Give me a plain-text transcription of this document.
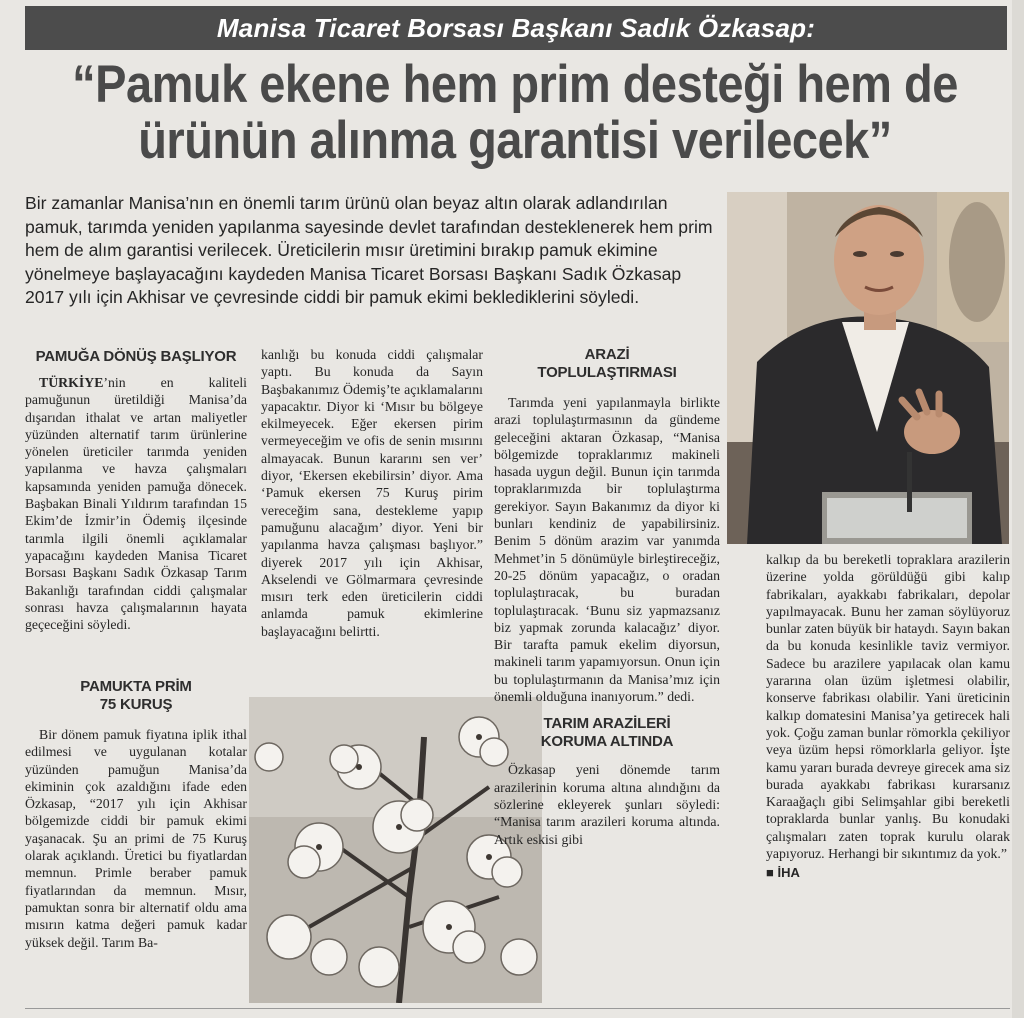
Manisa Ticaret Borsası Başkanı Sadık Özkasap:
“Pamuk ekene hem prim desteği hem de ürünün alınma garantisi verilecek”

Bir zamanlar Manisa’nın en önemli tarım ürünü olan beyaz altın olarak adlandırılan pamuk, tarımda yeniden yapılanma sayesinde devlet tarafından desteklenerek hem prim hem de alım garantisi verilecek. Üreticilerin mısır üretimini bırakıp pamuk ekimine yönelmeye başlayacağını kaydeden Manisa Ticaret Borsası Başkanı Sadık Özkasap 2017 yılı için Akhisar ve çevresinde ciddi bir pamuk ekimi beklediklerini söyledi.

PAMUĞA DÖNÜŞ BAŞLIYOR

TÜRKİYE’nin en kaliteli pamuğunun üretildiği Manisa’da dışarıdan ithalat ve artan maliyetler yüzünden alternatif tarım ürünlerine yönelen üreticiler tarımda yeniden yapılanma ve havza çalışmaları kapsamında yeniden pamuğa dönecek. Başbakan Binali Yıldırım tarafından 15 Ekim’de İzmir’in Ödemiş ilçesinde tarımla ilgili önemli açıklamalar yapacağını kaydeden Manisa Ticaret Borsası Başkanı Sadık Özkasap Tarım Bakanlığı tarafından ciddi çalışmalar sonrası havza çalışmalarının hayata geçeceğini söyledi.

PAMUKTA PRİM
75 KURUŞ

Bir dönem pamuk fiyatına iplik ithal edilmesi ve uygulanan kotalar yüzünden pamuğun Manisa’da ekiminin çok azaldığını ifade eden Özkasap, “2017 yılı için Akhisar bölgemizde ciddi bir pamuk ekimi yaşanacak. Şu an primi de 75 Kuruş olarak açıklandı. Üretici bu fiyatlardan memnun. Primle beraber pamuk fiyatlarından da memnun. Mısır, pamuktan sonra bir alternatif oldu ama mısırın katma değeri pamuk kadar yüksek değil. Tarım Ba-

kanlığı bu konuda ciddi çalışmalar yaptı. Bu konuda da Sayın Başbakanımız Ödemiş’te açıklamalarını yapacaktır. Diyor ki ‘Mısır bu bölgeye ekilmeyecek. Eğer ekersen pirim vermeyeceğim ve ofis de senin mısırını almayacak. Bunun kararını sen ver’ diyor, ‘Ekersen ekebilirsin’ diyor. Ama ‘Pamuk ekersen 75 Kuruş pirim vereceğim sana, destekleme yapıp pamuğunu alacağım’ diyor. Yeni bir yapılanma havza çalışması başlıyor.” diyerek 2017 yılı için Akhisar, Akselendi ve Gölmarmara çevresinde mısırı terk eden üreticilerin ciddi anlamda pamuk ekimlerine başlayacağını belirtti.

ARAZİ
TOPLULAŞTIRMASI

Tarımda yeni yapılanmayla birlikte arazi toplulaştırmasının da gündeme geleceğini aktaran Özkasap, “Manisa bölgemizde topraklarımız makineli hasada uygun değil. Bunun için tarımda topraklarımızda bir toplulaştırma gerekiyor. Sayın Bakanımız da diyor ki bunları kendiniz de yapabilirsiniz. Benim 5 dönüm arazim var yanımda Mehmet’in 5 dönümüyle birleştireceğiz, 20-25 dönüm yapacağız, o oradan toplulaştıracak, bu buradan toplulaştıracak. ‘Bunu siz yapmazsanız biz yapmak zorunda kalacağız’ diyor. Bir tarafta pamuk ekelim diyorsun, makineli tarım yapamıyorsun. Onun için bu toplulaştırmanın da Manisa’mız için önemli olduğuna inanıyorum.” dedi.

TARIM ARAZİLERİ
KORUMA ALTINDA

Özkasap yeni dönemde tarım arazilerinin koruma altına alındığını da sözlerine ekleyerek şunları söyledi: “Manisa tarım arazileri koruma altında. Artık eskisi gibi

kalkıp da bu bereketli topraklara arazilerin üzerine yolda görüldüğü gibi kalıp fabrikaları, ayakkabı fabrikaları, depolar yapılmayacak. Bunu her zaman söylüyoruz bunlar zaten büyük bir hataydı. Sayın bakan da bu konuda kesinlikle taviz vermiyor. Sadece bu arazilere yapılacak olan kamu yararına olan üzüm işletmesi olabilir, konserve fabrikası olabilir. Yani üreticinin kalkıp domatesini Manisa’ya getirecek hali yok. Çoğu zaman bunlar römorkla çekiliyor veya üzüm hepsi römorklarla geliyor. İşte kamu yararı burada devreye girecek ama siz burada ayakkabı fabrikası kurarsanız Karaağaçlı gibi Selimşahlar gibi bereketli topraklarda bunlar yanlış. Bu konudaki çalışmaları zaten toprak kurulu olarak yapıyoruz. Herhangi bir sıkıntımız da yok.”

■ İHA
